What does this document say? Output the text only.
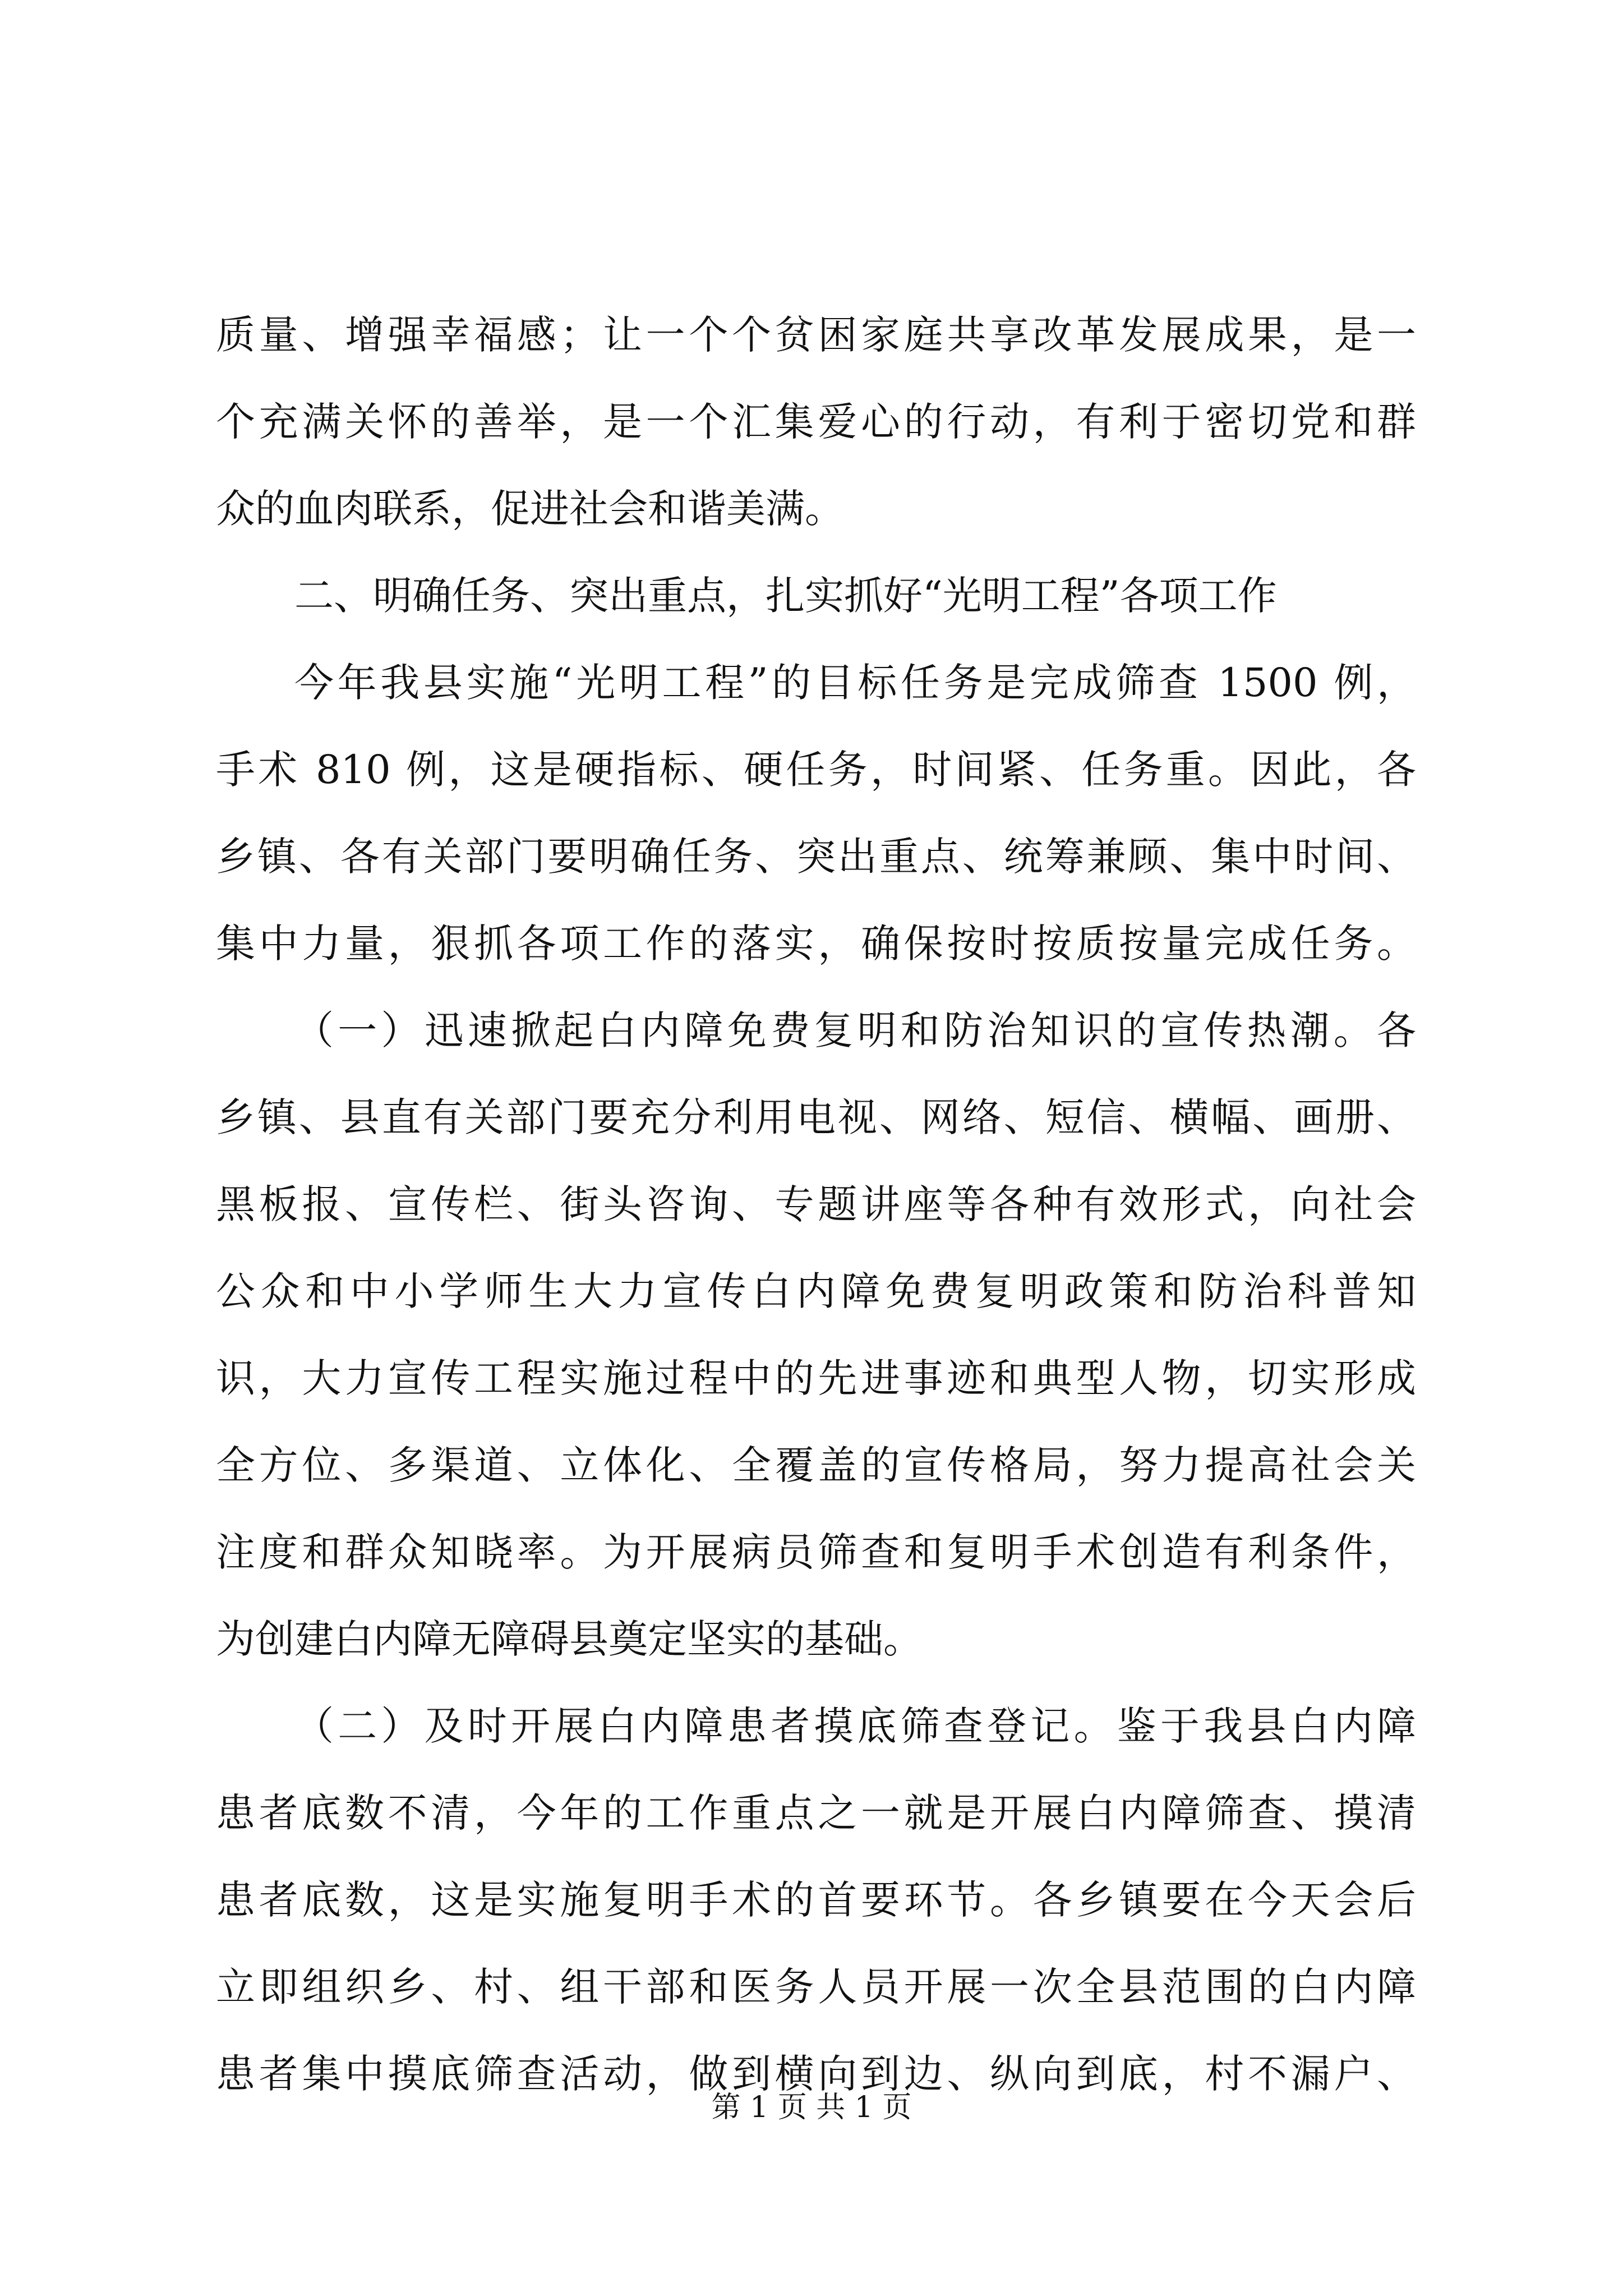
质量、增强幸福感；让一个个贫困家庭共享改革发展成果，是一
个充满关怀的善举，是一个汇集爱心的行动，有利于密切党和群
众的血肉联系，促进社会和谐美满。
二、明确任务、突出重点，扎实抓好“光明工程”各项工作
今年我县实施“光明工程”的目标任务是完成筛查 1500 例，
手术 810 例，这是硬指标、硬任务，时间紧、任务重。因此，各
乡镇、各有关部门要明确任务、突出重点、统筹兼顾、集中时间、
集中力量，狠抓各项工作的落实，确保按时按质按量完成任务。
（一）迅速掀起白内障免费复明和防治知识的宣传热潮。各
乡镇、县直有关部门要充分利用电视、网络、短信、横幅、画册、
黑板报、宣传栏、街头咨询、专题讲座等各种有效形式，向社会
公众和中小学师生大力宣传白内障免费复明政策和防治科普知
识，大力宣传工程实施过程中的先进事迹和典型人物，切实形成
全方位、多渠道、立体化、全覆盖的宣传格局，努力提高社会关
注度和群众知晓率。为开展病员筛查和复明手术创造有利条件，
为创建白内障无障碍县奠定坚实的基础。
（二）及时开展白内障患者摸底筛查登记。鉴于我县白内障
患者底数不清，今年的工作重点之一就是开展白内障筛查、摸清
患者底数，这是实施复明手术的首要环节。各乡镇要在今天会后
立即组织乡、村、组干部和医务人员开展一次全县范围的白内障
患者集中摸底筛查活动，做到横向到边、纵向到底，村不漏户、
第 1 页 共 1 页
